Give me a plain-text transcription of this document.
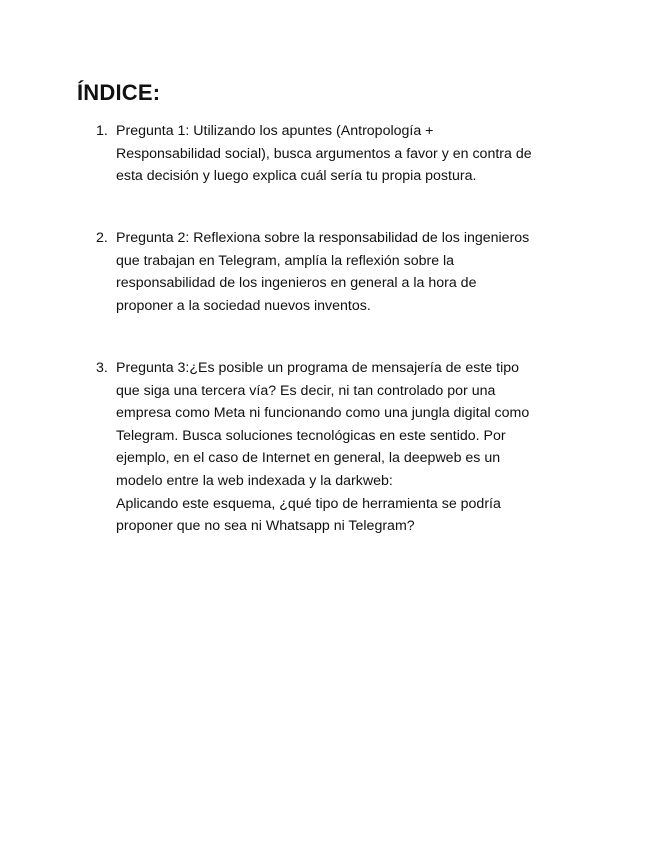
ÍNDICE:
1. Pregunta 1: Utilizando los apuntes (Antropología +
Responsabilidad social), busca argumentos a favor y en contra de
esta decisión y luego explica cuál sería tu propia postura.
2. Pregunta 2: Reflexiona sobre la responsabilidad de los ingenieros
que trabajan en Telegram, amplía la reflexión sobre la
responsabilidad de los ingenieros en general a la hora de
proponer a la sociedad nuevos inventos.
3. Pregunta 3:¿Es posible un programa de mensajería de este tipo
que siga una tercera vía? Es decir, ni tan controlado por una
empresa como Meta ni funcionando como una jungla digital como
Telegram. Busca soluciones tecnológicas en este sentido. Por
ejemplo, en el caso de Internet en general, la deepweb es un
modelo entre la web indexada y la darkweb:
Aplicando este esquema, ¿qué tipo de herramienta se podría
proponer que no sea ni Whatsapp ni Telegram?
